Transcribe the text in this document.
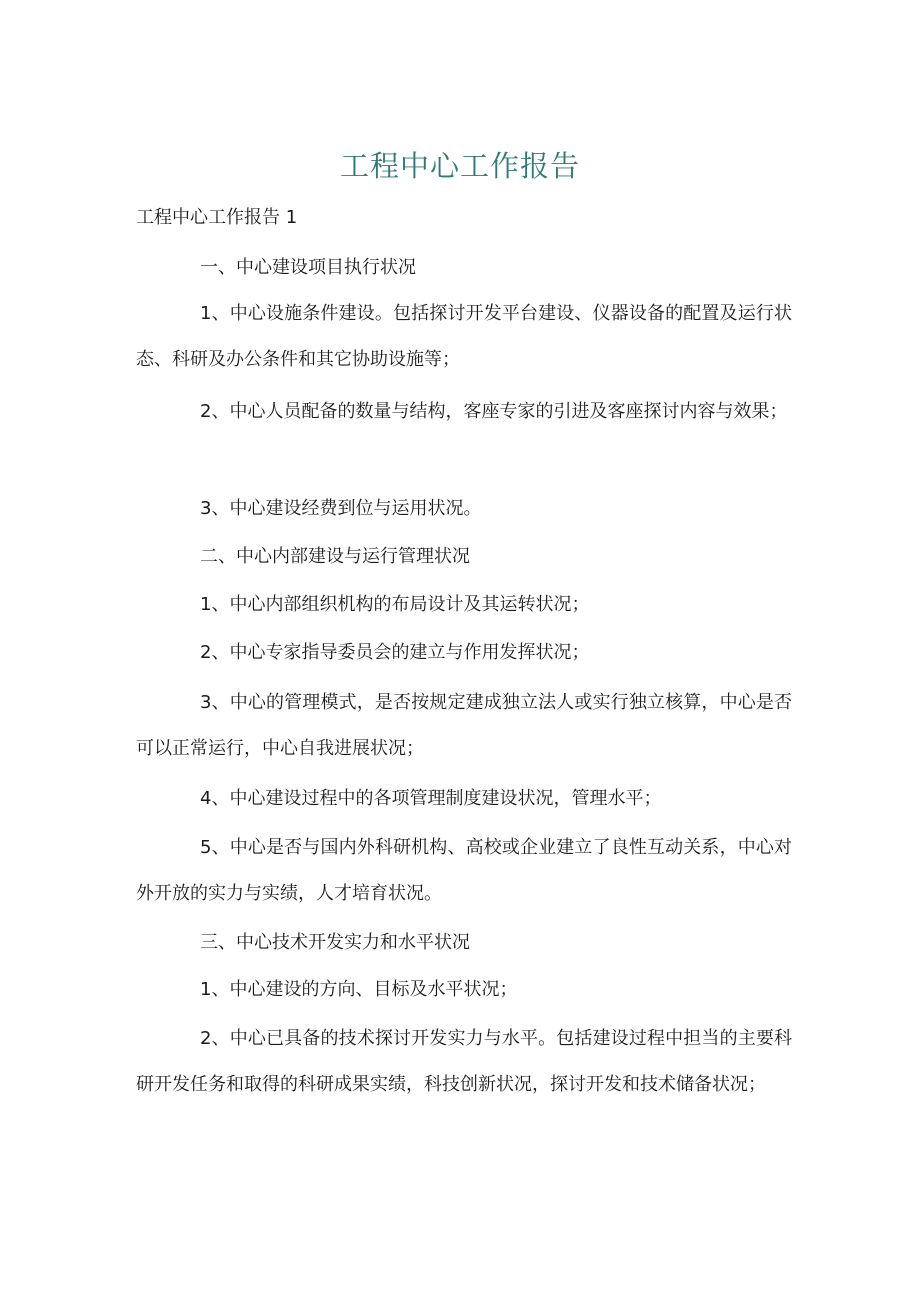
工程中心工作报告
工程中心工作报告 1

一、中心建设项目执行状况

1、中心设施条件建设。包括探讨开发平台建设、仪器设备的配置及运行状态、科研及办公条件和其它协助设施等；

2、中心人员配备的数量与结构，客座专家的引进及客座探讨内容与效果；

3、中心建设经费到位与运用状况。

二、中心内部建设与运行管理状况

1、中心内部组织机构的布局设计及其运转状况；

2、中心专家指导委员会的建立与作用发挥状况；

3、中心的管理模式，是否按规定建成独立法人或实行独立核算，中心是否可以正常运行，中心自我进展状况；

4、中心建设过程中的各项管理制度建设状况，管理水平；

5、中心是否与国内外科研机构、高校或企业建立了良性互动关系，中心对外开放的实力与实绩，人才培育状况。

三、中心技术开发实力和水平状况

1、中心建设的方向、目标及水平状况；

2、中心已具备的技术探讨开发实力与水平。包括建设过程中担当的主要科研开发任务和取得的科研成果实绩，科技创新状况，探讨开发和技术储备状况；
